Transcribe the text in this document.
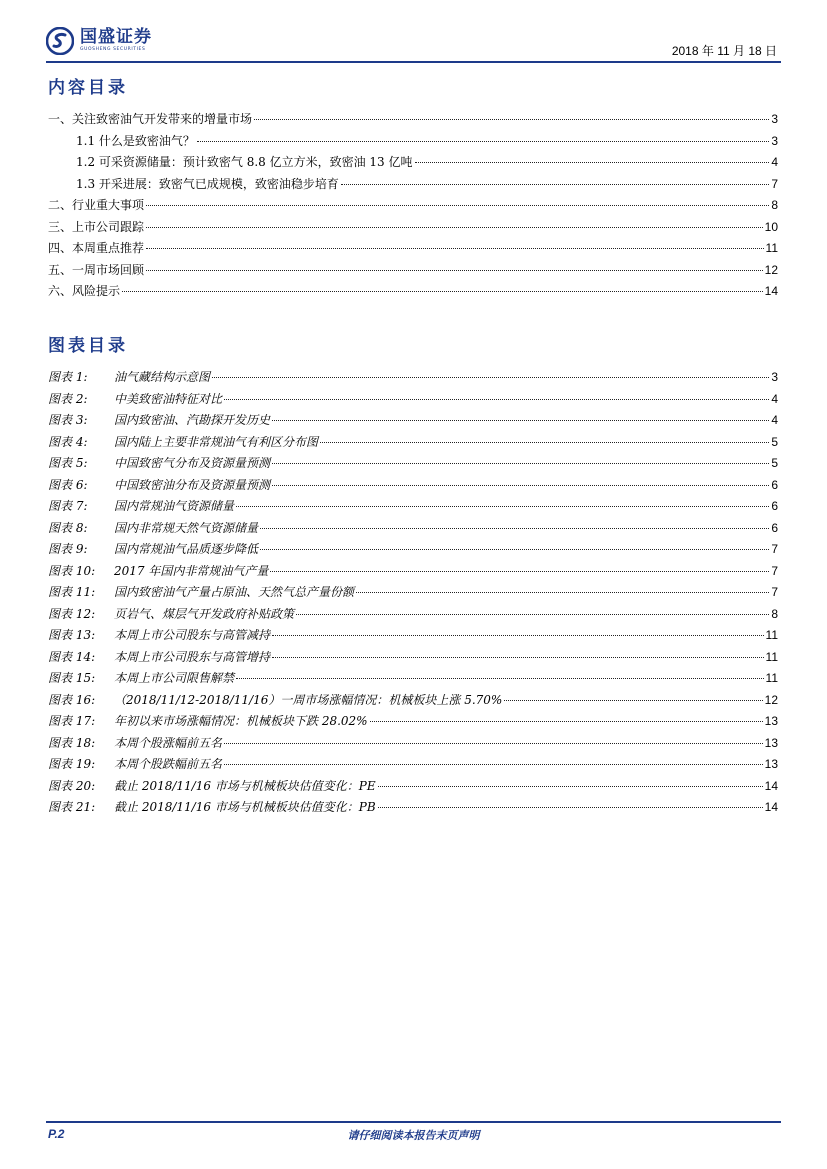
国盛证券
GUOSHENG SECURITIES	2018 年 11 月 18 日
内容目录
一、关注致密油气开发带来的增量市场	3
1.1 什么是致密油气？	3
1.2 可采资源储量：预计致密气 8.8 亿立方米，致密油 13 亿吨	4
1.3 开采进展：致密气已成规模，致密油稳步培育	7
二、行业重大事项	8
三、上市公司跟踪	10
四、本周重点推荐	11
五、一周市场回顾	12
六、风险提示	14
图表目录
图表 1: 油气藏结构示意图	3
图表 2: 中美致密油特征对比	4
图表 3: 国内致密油、汽勘探开发历史	4
图表 4: 国内陆上主要非常规油气有利区分布图	5
图表 5: 中国致密气分布及资源量预测	5
图表 6: 中国致密油分布及资源量预测	6
图表 7: 国内常规油气资源储量	6
图表 8: 国内非常规天然气资源储量	6
图表 9: 国内常规油气品质逐步降低	7
图表 10: 2017 年国内非常规油气产量	7
图表 11: 国内致密油气产量占原油、天然气总产量份额	7
图表 12: 页岩气、煤层气开发政府补贴政策	8
图表 13: 本周上市公司股东与高管减持	11
图表 14: 本周上市公司股东与高管增持	11
图表 15: 本周上市公司限售解禁	11
图表 16: （2018/11/12-2018/11/16）一周市场涨幅情况：机械板块上涨 5.70%	12
图表 17: 年初以来市场涨幅情况：机械板块下跌 28.02%	13
图表 18: 本周个股涨幅前五名	13
图表 19: 本周个股跌幅前五名	13
图表 20: 截止 2018/11/16 市场与机械板块估值变化：PE	14
图表 21: 截止 2018/11/16 市场与机械板块估值变化：PB	14
P.2	请仔细阅读本报告末页声明
